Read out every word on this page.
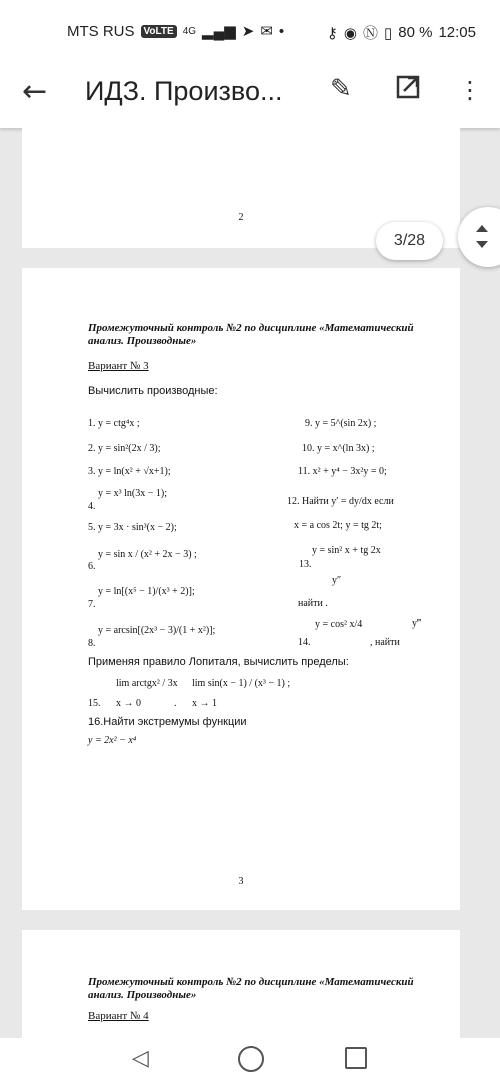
MTS RUS VoLTE 4G ▂▄▆ ➤ ✉ •	⚷ ◉ Ⓝ ▯ 80 % 12:05
← ИДЗ. Произво... ✎	⋮
2
3/28
Промежуточный контроль №2 по дисциплине «Математический анализ. Производные»
Вариант № 3
Вычислить производные:
1. y = ctg⁴x ;
2. y = sin²(2x / 3);
3. y = ln(x² + √x+1);
y = x³ ln(3x − 1);
4.
5. y = 3x · sin³(x − 2);
y = sin x / (x² + 2x − 3) ;
6.
y = ln[(x⁵ − 1)/(x³ + 2)];
7.
y = arcsin[(2x³ − 3)/(1 + x²)];
8.
9. y = 5^(sin 2x) ;
10. y = x^(ln 3x) ;
11. x² + y⁴ − 3x²y = 0;
12. Найти y′ = dy/dx если
x = a cos 2t; y = tg 2t;
y = sin² x + tg 2x
13.
y″
найти .
y = cos² x/4	y‴
14.	, найти
Применяя правило Лопиталя, вычислить пределы:
lim arctgx² / 3x
x → 0
lim sin(x − 1) / (x³ − 1) ;
x → 1
15.	.
16.Найти экстремумы функции
y = 2x² − x⁴
3
Промежуточный контроль №2 по дисциплине «Математический анализ. Производные»
Вариант № 4
◁
